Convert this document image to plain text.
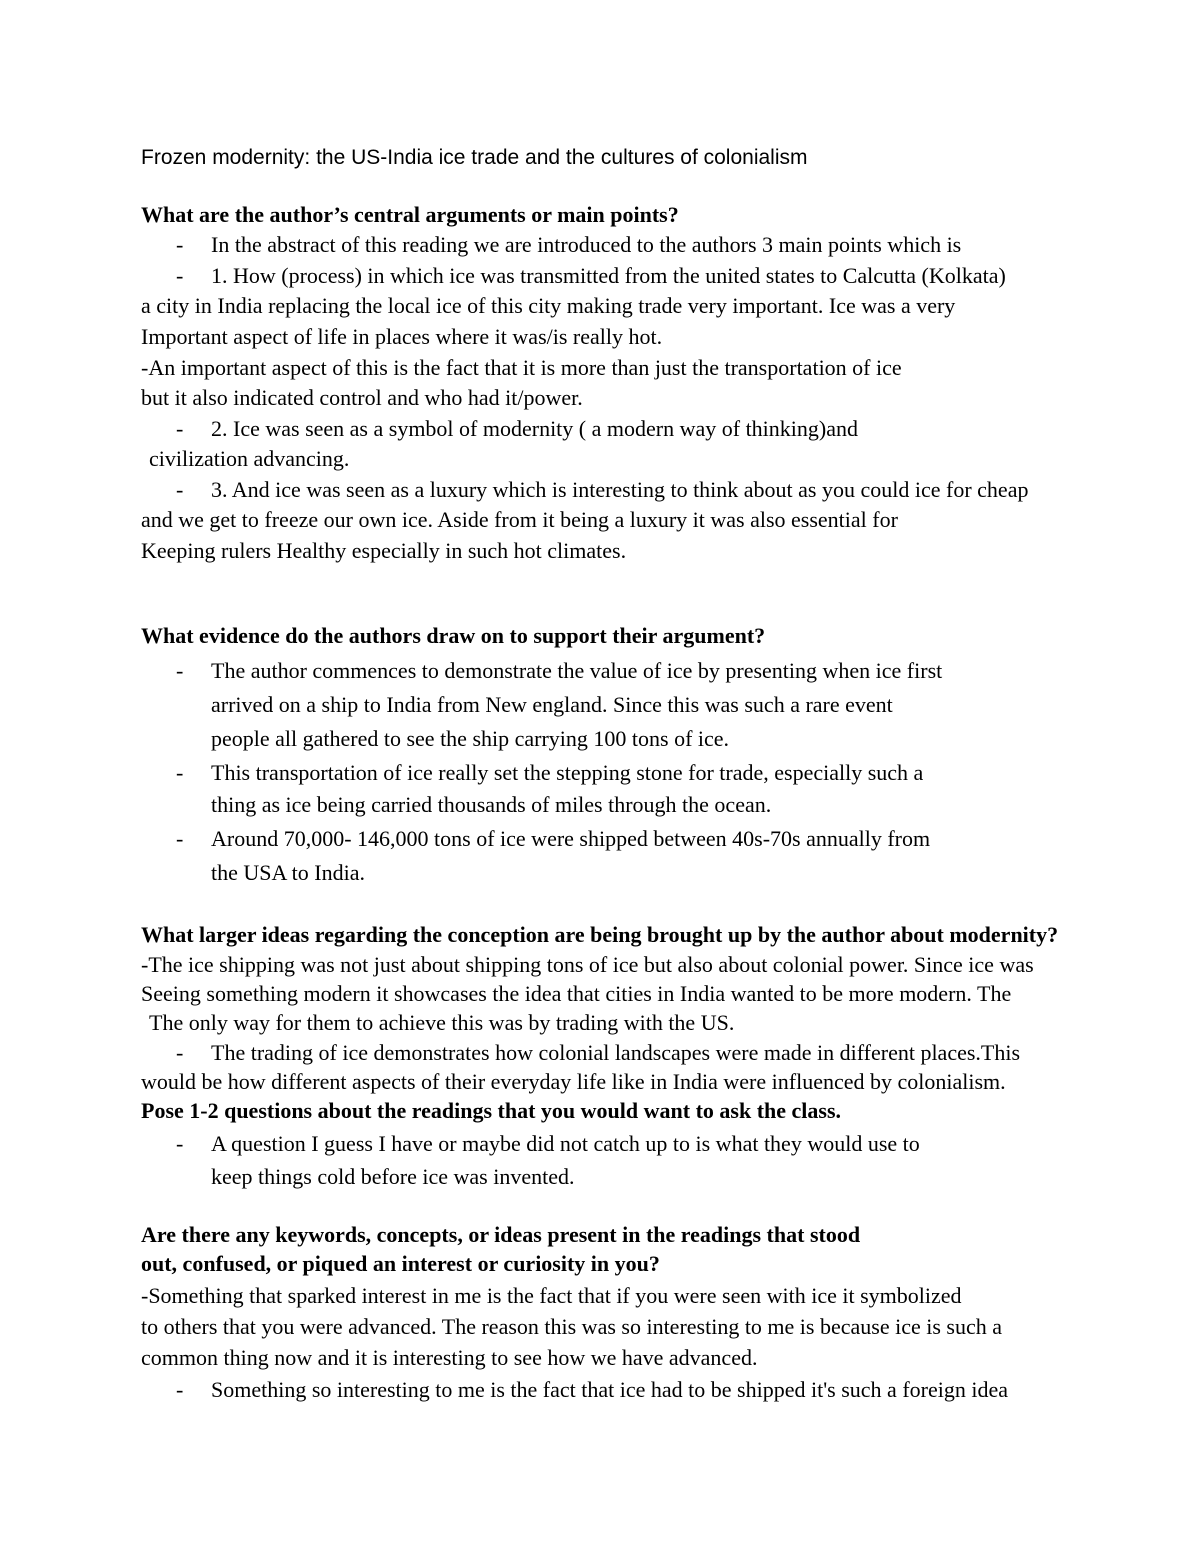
Frozen modernity: the US-India ice trade and the cultures of colonialism
What are the author’s central arguments or main points?
- In the abstract of this reading we are introduced to the authors 3 main points which is
- 1. How (process) in which ice was transmitted from the united states to Calcutta (Kolkata)
a city in India replacing the local ice of this city making trade very important. Ice was a very
Important aspect of life in places where it was/is really hot.
-An important aspect of this is the fact that it is more than just the transportation of ice
but it also indicated control and who had it/power.
- 2. Ice was seen as a symbol of modernity ( a modern way of thinking)and
civilization advancing.
- 3. And ice was seen as a luxury which is interesting to think about as you could ice for cheap
and we get to freeze our own ice. Aside from it being a luxury it was also essential for
Keeping rulers Healthy especially in such hot climates.
What evidence do the authors draw on to support their argument?
- The author commences to demonstrate the value of ice by presenting when ice first
arrived on a ship to India from New england. Since this was such a rare event
people all gathered to see the ship carrying 100 tons of ice.
- This transportation of ice really set the stepping stone for trade, especially such a
thing as ice being carried thousands of miles through the ocean.
- Around 70,000- 146,000 tons of ice were shipped between 40s-70s annually from
the USA to India.
What larger ideas regarding the conception are being brought up by the author about modernity?
-The ice shipping was not just about shipping tons of ice but also about colonial power. Since ice was
Seeing something modern it showcases the idea that cities in India wanted to be more modern. The
The only way for them to achieve this was by trading with the US.
- The trading of ice demonstrates how colonial landscapes were made in different places.This
would be how different aspects of their everyday life like in India were influenced by colonialism.
Pose 1-2 questions about the readings that you would want to ask the class.
- A question I guess I have or maybe did not catch up to is what they would use to
keep things cold before ice was invented.
Are there any keywords, concepts, or ideas present in the readings that stood
out, confused, or piqued an interest or curiosity in you?
-Something that sparked interest in me is the fact that if you were seen with ice it symbolized
to others that you were advanced. The reason this was so interesting to me is because ice is such a
common thing now and it is interesting to see how we have advanced.
- Something so interesting to me is the fact that ice had to be shipped it's such a foreign idea
